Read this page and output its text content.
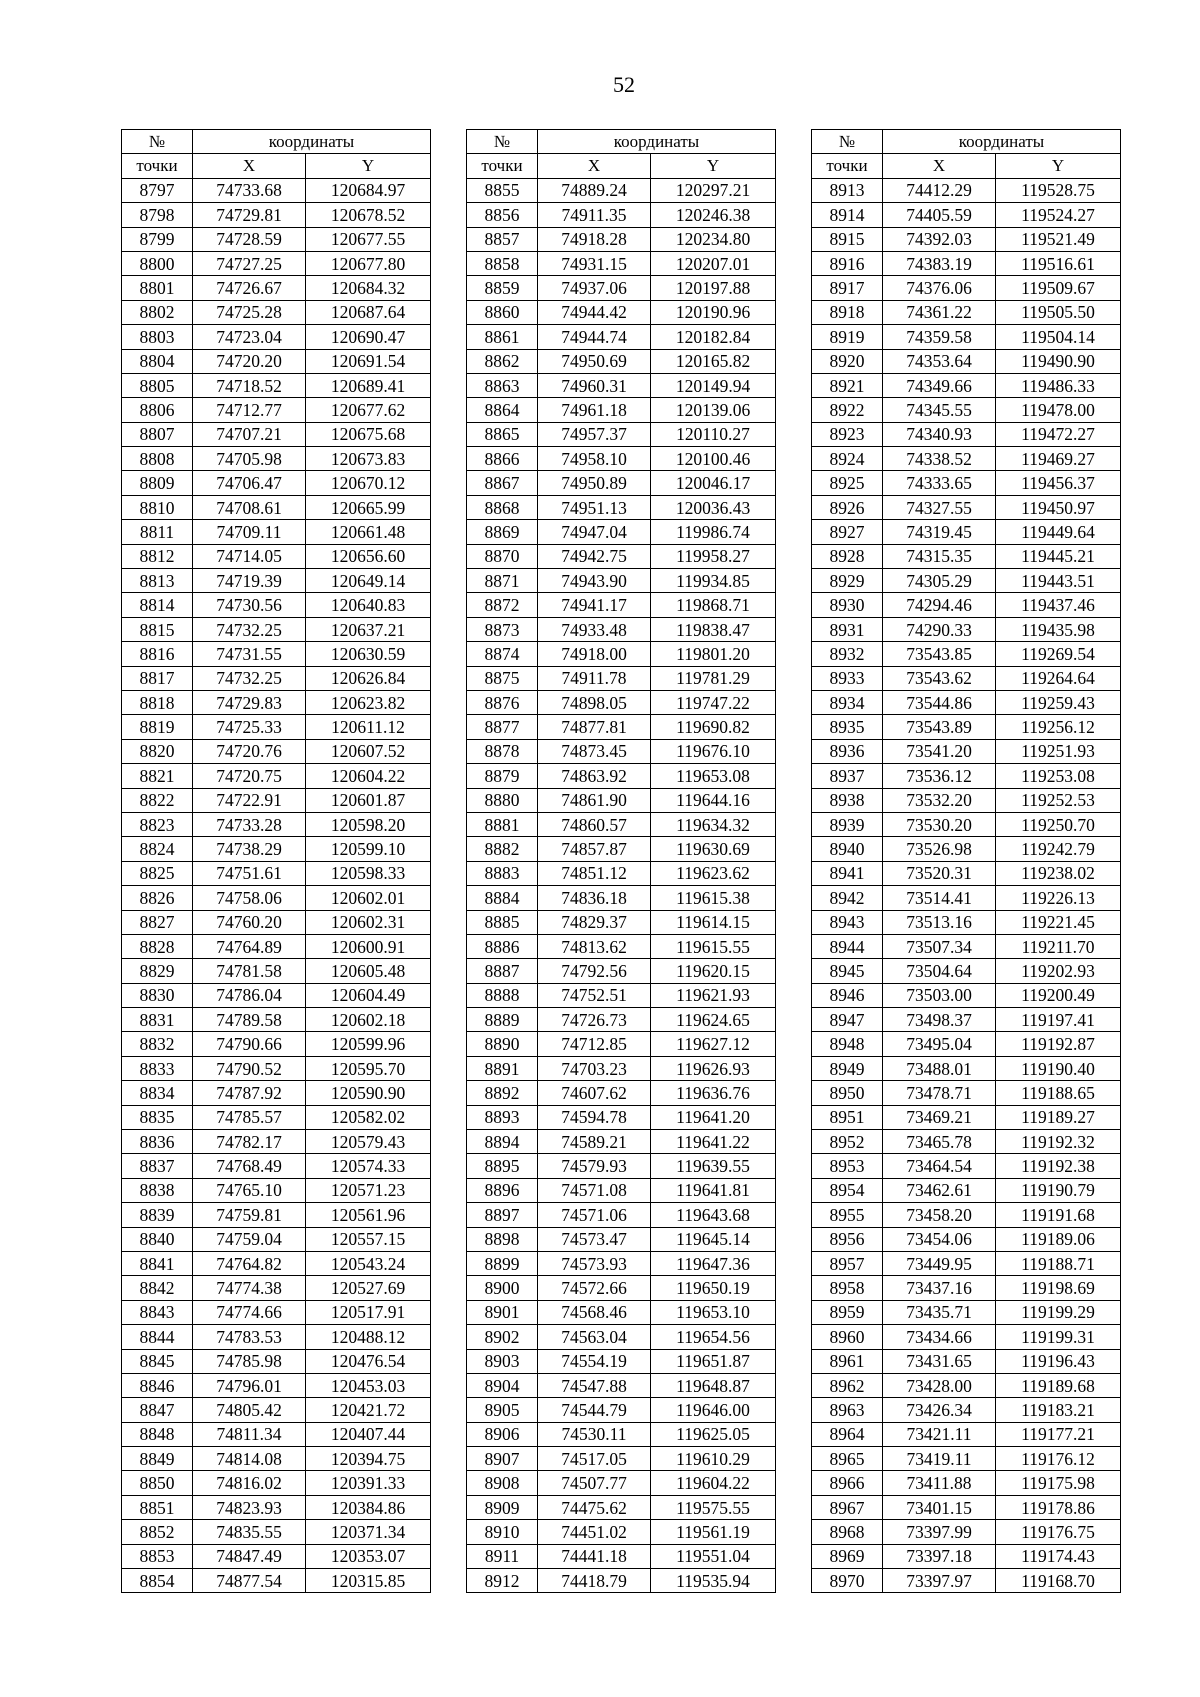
52
№	координаты	
точки	X	Y
8797	74733.68	120684.97
8798	74729.81	120678.52
8799	74728.59	120677.55
8800	74727.25	120677.80
8801	74726.67	120684.32
8802	74725.28	120687.64
8803	74723.04	120690.47
8804	74720.20	120691.54
8805	74718.52	120689.41
8806	74712.77	120677.62
8807	74707.21	120675.68
8808	74705.98	120673.83
8809	74706.47	120670.12
8810	74708.61	120665.99
8811	74709.11	120661.48
8812	74714.05	120656.60
8813	74719.39	120649.14
8814	74730.56	120640.83
8815	74732.25	120637.21
8816	74731.55	120630.59
8817	74732.25	120626.84
8818	74729.83	120623.82
8819	74725.33	120611.12
8820	74720.76	120607.52
8821	74720.75	120604.22
8822	74722.91	120601.87
8823	74733.28	120598.20
8824	74738.29	120599.10
8825	74751.61	120598.33
8826	74758.06	120602.01
8827	74760.20	120602.31
8828	74764.89	120600.91
8829	74781.58	120605.48
8830	74786.04	120604.49
8831	74789.58	120602.18
8832	74790.66	120599.96
8833	74790.52	120595.70
8834	74787.92	120590.90
8835	74785.57	120582.02
8836	74782.17	120579.43
8837	74768.49	120574.33
8838	74765.10	120571.23
8839	74759.81	120561.96
8840	74759.04	120557.15
8841	74764.82	120543.24
8842	74774.38	120527.69
8843	74774.66	120517.91
8844	74783.53	120488.12
8845	74785.98	120476.54
8846	74796.01	120453.03
8847	74805.42	120421.72
8848	74811.34	120407.44
8849	74814.08	120394.75
8850	74816.02	120391.33
8851	74823.93	120384.86
8852	74835.55	120371.34
8853	74847.49	120353.07
8854	74877.54	120315.85
№	координаты	
точки	X	Y
8855	74889.24	120297.21
8856	74911.35	120246.38
8857	74918.28	120234.80
8858	74931.15	120207.01
8859	74937.06	120197.88
8860	74944.42	120190.96
8861	74944.74	120182.84
8862	74950.69	120165.82
8863	74960.31	120149.94
8864	74961.18	120139.06
8865	74957.37	120110.27
8866	74958.10	120100.46
8867	74950.89	120046.17
8868	74951.13	120036.43
8869	74947.04	119986.74
8870	74942.75	119958.27
8871	74943.90	119934.85
8872	74941.17	119868.71
8873	74933.48	119838.47
8874	74918.00	119801.20
8875	74911.78	119781.29
8876	74898.05	119747.22
8877	74877.81	119690.82
8878	74873.45	119676.10
8879	74863.92	119653.08
8880	74861.90	119644.16
8881	74860.57	119634.32
8882	74857.87	119630.69
8883	74851.12	119623.62
8884	74836.18	119615.38
8885	74829.37	119614.15
8886	74813.62	119615.55
8887	74792.56	119620.15
8888	74752.51	119621.93
8889	74726.73	119624.65
8890	74712.85	119627.12
8891	74703.23	119626.93
8892	74607.62	119636.76
8893	74594.78	119641.20
8894	74589.21	119641.22
8895	74579.93	119639.55
8896	74571.08	119641.81
8897	74571.06	119643.68
8898	74573.47	119645.14
8899	74573.93	119647.36
8900	74572.66	119650.19
8901	74568.46	119653.10
8902	74563.04	119654.56
8903	74554.19	119651.87
8904	74547.88	119648.87
8905	74544.79	119646.00
8906	74530.11	119625.05
8907	74517.05	119610.29
8908	74507.77	119604.22
8909	74475.62	119575.55
8910	74451.02	119561.19
8911	74441.18	119551.04
8912	74418.79	119535.94
№	координаты	
точки	X	Y
8913	74412.29	119528.75
8914	74405.59	119524.27
8915	74392.03	119521.49
8916	74383.19	119516.61
8917	74376.06	119509.67
8918	74361.22	119505.50
8919	74359.58	119504.14
8920	74353.64	119490.90
8921	74349.66	119486.33
8922	74345.55	119478.00
8923	74340.93	119472.27
8924	74338.52	119469.27
8925	74333.65	119456.37
8926	74327.55	119450.97
8927	74319.45	119449.64
8928	74315.35	119445.21
8929	74305.29	119443.51
8930	74294.46	119437.46
8931	74290.33	119435.98
8932	73543.85	119269.54
8933	73543.62	119264.64
8934	73544.86	119259.43
8935	73543.89	119256.12
8936	73541.20	119251.93
8937	73536.12	119253.08
8938	73532.20	119252.53
8939	73530.20	119250.70
8940	73526.98	119242.79
8941	73520.31	119238.02
8942	73514.41	119226.13
8943	73513.16	119221.45
8944	73507.34	119211.70
8945	73504.64	119202.93
8946	73503.00	119200.49
8947	73498.37	119197.41
8948	73495.04	119192.87
8949	73488.01	119190.40
8950	73478.71	119188.65
8951	73469.21	119189.27
8952	73465.78	119192.32
8953	73464.54	119192.38
8954	73462.61	119190.79
8955	73458.20	119191.68
8956	73454.06	119189.06
8957	73449.95	119188.71
8958	73437.16	119198.69
8959	73435.71	119199.29
8960	73434.66	119199.31
8961	73431.65	119196.43
8962	73428.00	119189.68
8963	73426.34	119183.21
8964	73421.11	119177.21
8965	73419.11	119176.12
8966	73411.88	119175.98
8967	73401.15	119178.86
8968	73397.99	119176.75
8969	73397.18	119174.43
8970	73397.97	119168.70
